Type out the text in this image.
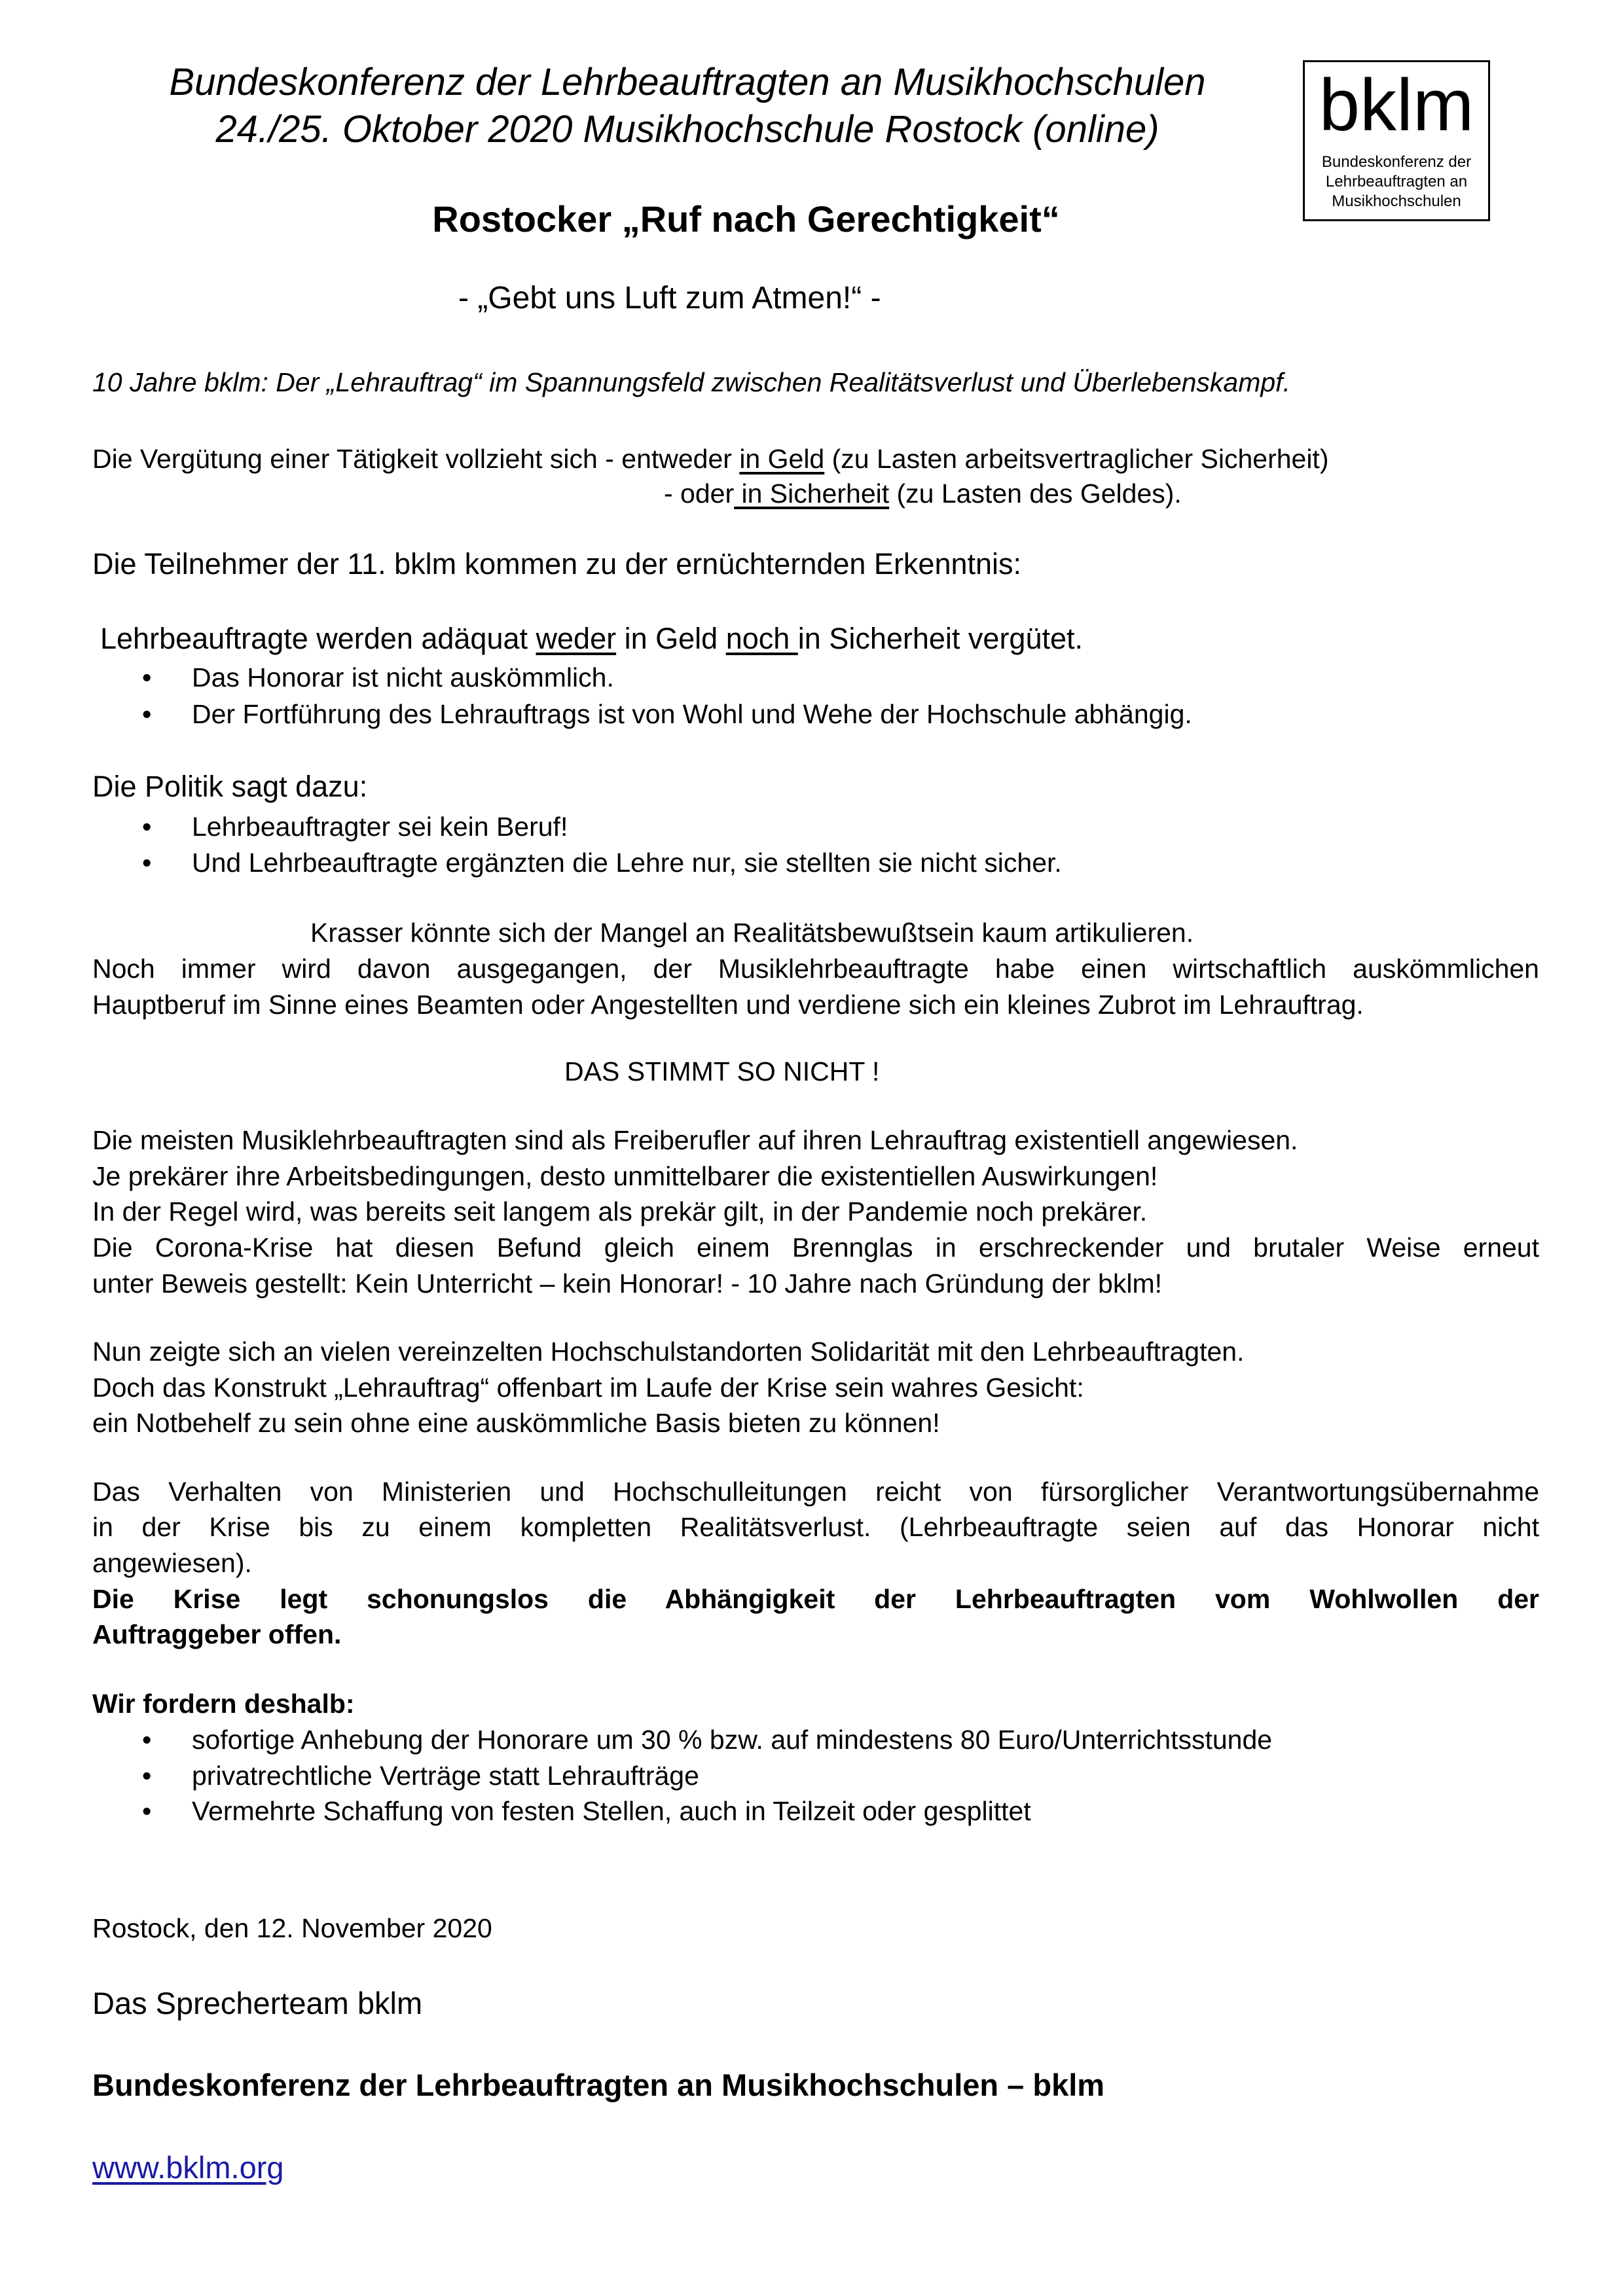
Bundeskonferenz der Lehrbeauftragten an Musikhochschulen
24./25. Oktober 2020 Musikhochschule Rostock (online)	bklm
Bundeskonferenz der
Lehrbeauftragten an
Musikhochschulen
Rostocker „Ruf nach Gerechtigkeit“
- „Gebt uns Luft zum Atmen!“ -
10 Jahre bklm: Der „Lehrauftrag“ im Spannungsfeld zwischen Realitätsverlust und Überlebenskampf.
Die Vergütung einer Tätigkeit vollzieht sich - entweder in Geld (zu Lasten arbeitsvertraglicher Sicherheit)
- oder in Sicherheit (zu Lasten des Geldes).
Die Teilnehmer der 11. bklm kommen zu der ernüchternden Erkenntnis:
Lehrbeauftragte werden adäquat weder in Geld noch in Sicherheit vergütet.
• Das Honorar ist nicht auskömmlich.
• Der Fortführung des Lehrauftrags ist von Wohl und Wehe der Hochschule abhängig.
Die Politik sagt dazu:
• Lehrbeauftragter sei kein Beruf!
• Und Lehrbeauftragte ergänzten die Lehre nur, sie stellten sie nicht sicher.
Krasser könnte sich der Mangel an Realitätsbewußtsein kaum artikulieren.
Noch immer wird davon ausgegangen, der Musiklehrbeauftragte habe einen wirtschaftlich auskömmlichen
Hauptberuf im Sinne eines Beamten oder Angestellten und verdiene sich ein kleines Zubrot im Lehrauftrag.
DAS STIMMT SO NICHT !
Die meisten Musiklehrbeauftragten sind als Freiberufler auf ihren Lehrauftrag existentiell angewiesen.
Je prekärer ihre Arbeitsbedingungen, desto unmittelbarer die existentiellen Auswirkungen!
In der Regel wird, was bereits seit langem als prekär gilt, in der Pandemie noch prekärer.
Die Corona-Krise hat diesen Befund gleich einem Brennglas in erschreckender und brutaler Weise erneut
unter Beweis gestellt: Kein Unterricht – kein Honorar! - 10 Jahre nach Gründung der bklm!
Nun zeigte sich an vielen vereinzelten Hochschulstandorten Solidarität mit den Lehrbeauftragten.
Doch das Konstrukt „Lehrauftrag“ offenbart im Laufe der Krise sein wahres Gesicht:
ein Notbehelf zu sein ohne eine auskömmliche Basis bieten zu können!
Das Verhalten von Ministerien und Hochschulleitungen reicht von fürsorglicher Verantwortungsübernahme
in der Krise bis zu einem kompletten Realitätsverlust. (Lehrbeauftragte seien auf das Honorar nicht
angewiesen).
Die Krise legt schonungslos die Abhängigkeit der Lehrbeauftragten vom Wohlwollen der
Auftraggeber offen.
Wir fordern deshalb:
• sofortige Anhebung der Honorare um 30 % bzw. auf mindestens 80 Euro/Unterrichtsstunde
• privatrechtliche Verträge statt Lehraufträge
• Vermehrte Schaffung von festen Stellen, auch in Teilzeit oder gesplittet
Rostock, den 12. November 2020
Das Sprecherteam bklm
Bundeskonferenz der Lehrbeauftragten an Musikhochschulen – bklm
www.bklm.org
